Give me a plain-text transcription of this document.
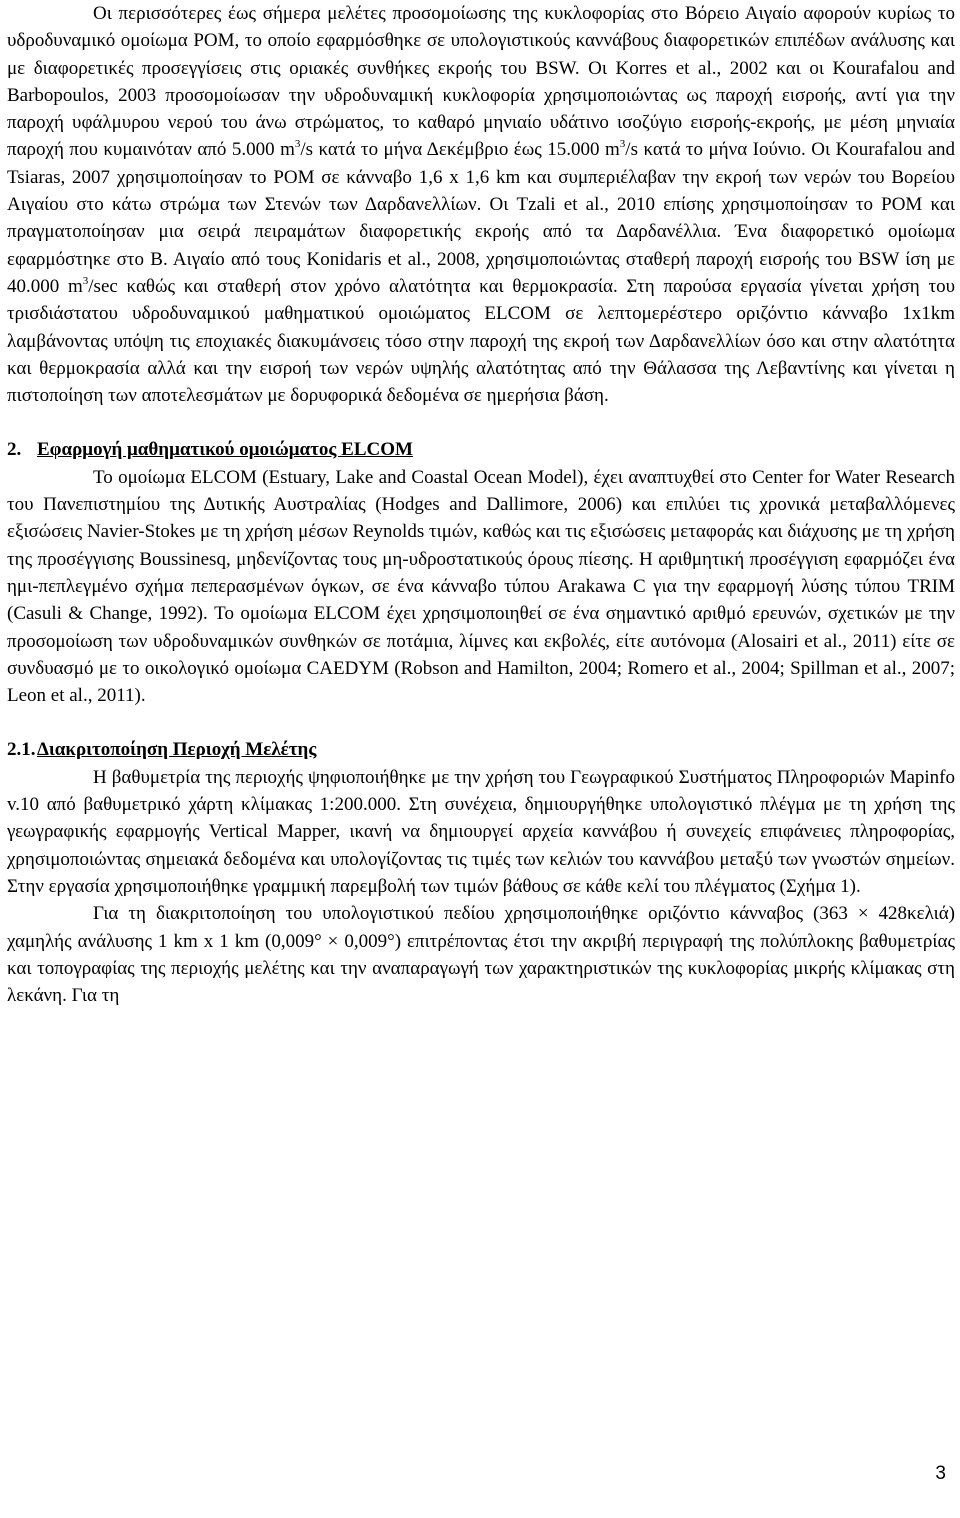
Οι περισσότερες έως σήμερα μελέτες προσομοίωσης της κυκλοφορίας στο Βόρειο Αιγαίο αφορούν κυρίως το υδροδυναμικό ομοίωμα POM, το οποίο εφαρμόσθηκε σε υπολογιστικούς καννάβους διαφορετικών επιπέδων ανάλυσης και με διαφορετικές προσεγγίσεις στις οριακές συνθήκες εκροής του BSW. Οι Korres et al., 2002 και οι Kourafalou and Barbopoulos, 2003 προσομοίωσαν την υδροδυναμική κυκλοφορία χρησιμοποιώντας ως παροχή εισροής, αντί για την παροχή υφάλμυρου νερού του άνω στρώματος, το καθαρό μηνιαίο υδάτινο ισοζύγιο εισροής-εκροής, με μέση μηνιαία παροχή που κυμαινόταν από 5.000 $m^3/s$ κατά το μήνα Δεκέμβριο έως 15.000 $m^3/s$ κατά το μήνα Ιούνιο. Οι Kourafalou and Tsiaras, 2007 χρησιμοποίησαν το POM σε κάνναβο 1,6 x 1,6 km και συμπεριέλαβαν την εκροή των νερών του Βορείου Αιγαίου στο κάτω στρώμα των Στενών των Δαρδανελλίων. Οι Tzali et al., 2010 επίσης χρησιμοποίησαν το POM και πραγματοποίησαν μια σειρά πειραμάτων διαφορετικής εκροής από τα Δαρδανέλλια. Ένα διαφορετικό ομοίωμα εφαρμόστηκε στο Β. Αιγαίο από τους Konidaris et al., 2008, χρησιμοποιώντας σταθερή παροχή εισροής του BSW ίση με 40.000 $m^3/\sec$ καθώς και σταθερή στον χρόνο αλατότητα και θερμοκρασία. Στη παρούσα εργασία γίνεται χρήση του τρισδιάστατου υδροδυναμικού μαθηματικού ομοιώματος ELCOM σε λεπτομερέστερο οριζόντιο κάνναβο 1x1km λαμβάνοντας υπόψη τις εποχιακές διακυμάνσεις τόσο στην παροχή της εκροή των Δαρδανελλίων όσο και στην αλατότητα και θερμοκρασία αλλά και την εισροή των νερών υψηλής αλατότητας από την Θάλασσα της Λεβαντίνης και γίνεται η πιστοποίηση των αποτελεσμάτων με δορυφορικά δεδομένα σε ημερήσια βάση.

2. Εφαρμογή μαθηματικού ομοιώματος ELCOM

Το ομοίωμα ELCOM (Estuary, Lake and Coastal Ocean Model), έχει αναπτυχθεί στο Center for Water Research του Πανεπιστημίου της Δυτικής Αυστραλίας (Hodges and Dallimore, 2006) και επιλύει τις χρονικά μεταβαλλόμενες εξισώσεις Navier-Stokes με τη χρήση μέσων Reynolds τιμών, καθώς και τις εξισώσεις μεταφοράς και διάχυσης με τη χρήση της προσέγγισης Boussinesq, μηδενίζοντας τους μη-υδροστατικούς όρους πίεσης. Η αριθμητική προσέγγιση εφαρμόζει ένα ημι-πεπλεγμένο σχήμα πεπερασμένων όγκων, σε ένα κάνναβο τύπου Arakawa C για την εφαρμογή λύσης τύπου TRIM (Casuli & Change, 1992). Το ομοίωμα ELCOM έχει χρησιμοποιηθεί σε ένα σημαντικό αριθμό ερευνών, σχετικών με την προσομοίωση των υδροδυναμικών συνθηκών σε ποτάμια, λίμνες και εκβολές, είτε αυτόνομα (Alosairi et al., 2011) είτε σε συνδυασμό με το οικολογικό ομοίωμα CAEDYM (Robson and Hamilton, 2004; Romero et al., 2004; Spillman et al., 2007; Leon et al., 2011).

2.1.Διακριτοποίηση Περιοχή Μελέτης

Η βαθυμετρία της περιοχής ψηφιοποιήθηκε με την χρήση του Γεωγραφικού Συστήματος Πληροφοριών Mapinfo v.10 από βαθυμετρικό χάρτη κλίμακας 1:200.000. Στη συνέχεια, δημιουργήθηκε υπολογιστικό πλέγμα με τη χρήση της γεωγραφικής εφαρμογής Vertical Mapper, ικανή να δημιουργεί αρχεία καννάβου ή συνεχείς επιφάνειες πληροφορίας, χρησιμοποιώντας σημειακά δεδομένα και υπολογίζοντας τις τιμές των κελιών του καννάβου μεταξύ των γνωστών σημείων. Στην εργασία χρησιμοποιήθηκε γραμμική παρεμβολή των τιμών βάθους σε κάθε κελί του πλέγματος (Σχήμα 1).

Για τη διακριτοποίηση του υπολογιστικού πεδίου χρησιμοποιήθηκε οριζόντιο κάνναβος (363 × 428κελιά) χαμηλής ανάλυσης 1 km x 1 km (0,009° × 0,009°) επιτρέποντας έτσι την ακριβή περιγραφή της πολύπλοκης βαθυμετρίας και τοπογραφίας της περιοχής μελέτης και την αναπαραγωγή των χαρακτηριστικών της κυκλοφορίας μικρής κλίμακας στη λεκάνη. Για τη

3
